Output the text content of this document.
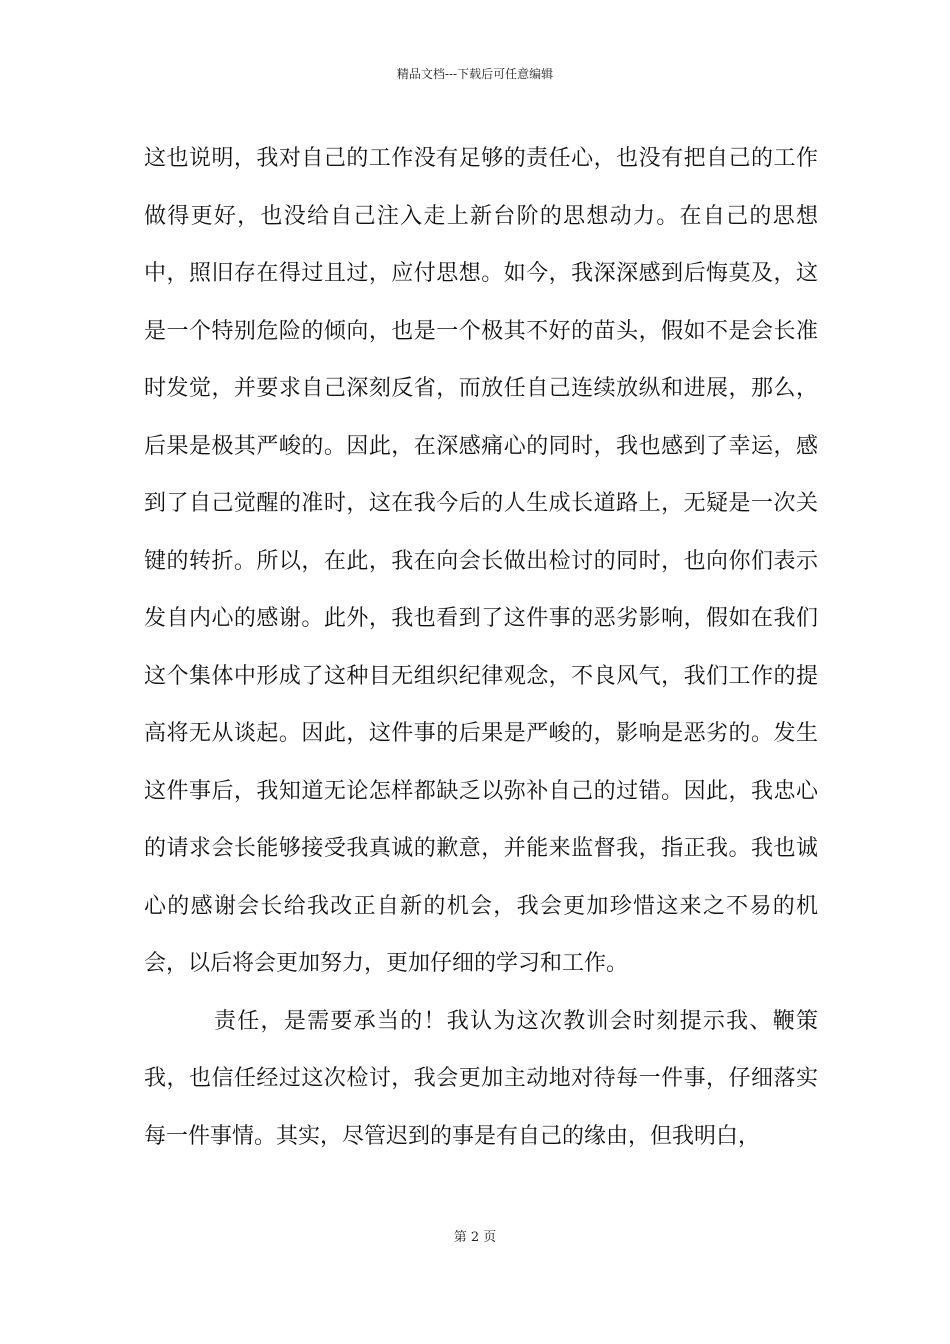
精品文档---下载后可任意编辑

这也说明，我对自己的工作没有足够的责任心，也没有把自己的工作做得更好，也没给自己注入走上新台阶的思想动力。在自己的思想中，照旧存在得过且过，应付思想。如今，我深深感到后悔莫及，这是一个特别危险的倾向，也是一个极其不好的苗头，假如不是会长准时发觉，并要求自己深刻反省，而放任自己连续放纵和进展，那么，后果是极其严峻的。因此，在深感痛心的同时，我也感到了幸运，感到了自己觉醒的准时，这在我今后的人生成长道路上，无疑是一次关键的转折。所以，在此，我在向会长做出检讨的同时，也向你们表示发自内心的感谢。此外，我也看到了这件事的恶劣影响，假如在我们这个集体中形成了这种目无组织纪律观念，不良风气，我们工作的提高将无从谈起。因此，这件事的后果是严峻的，影响是恶劣的。发生这件事后，我知道无论怎样都缺乏以弥补自己的过错。因此，我忠心的请求会长能够接受我真诚的歉意，并能来监督我，指正我。我也诚心的感谢会长给我改正自新的机会，我会更加珍惜这来之不易的机会，以后将会更加努力，更加仔细的学习和工作。

责任，是需要承当的！我认为这次教训会时刻提示我、鞭策我，也信任经过这次检讨，我会更加主动地对待每一件事，仔细落实每一件事情。其实，尽管迟到的事是有自己的缘由，但我明白，

第 2 页
